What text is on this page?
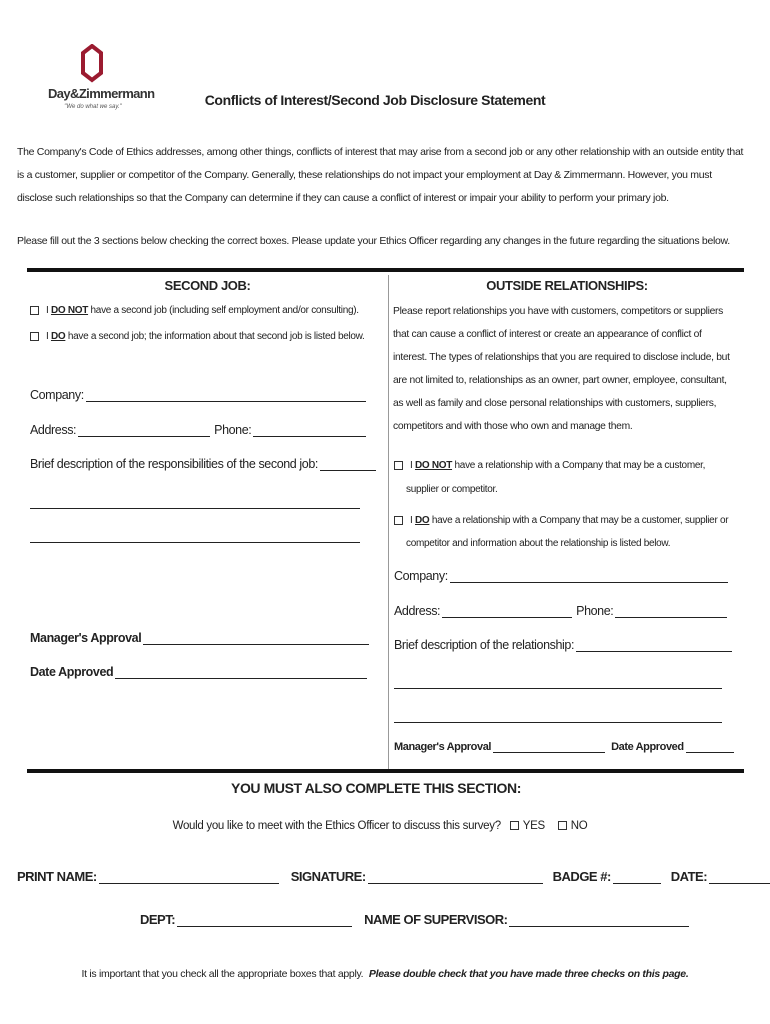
Day&Zimmermann
"We do what we say."	Conflicts of Interest/Second Job Disclosure Statement
The Company's Code of Ethics addresses, among other things, conflicts of interest that may arise from a second job or any other relationship with an outside entity that
is a customer, supplier or competitor of the Company. Generally, these relationships do not impact your employment at Day & Zimmermann. However, you must
disclose such relationships so that the Company can determine if they can cause a conflict of interest or impair your ability to perform your primary job.
Please fill out the 3 sections below checking the correct boxes. Please update your Ethics Officer regarding any changes in the future regarding the situations below.
SECOND JOB:
I DO NOT have a second job (including self employment and/or consulting).
I DO have a second job; the information about that second job is listed below.
Company:
Address:	Phone:
Brief description of the responsibilities of the second job:
Manager's Approval
Date Approved
OUTSIDE RELATIONSHIPS:
Please report relationships you have with customers, competitors or suppliers
that can cause a conflict of interest or create an appearance of conflict of
interest. The types of relationships that you are required to disclose include, but
are not limited to, relationships as an owner, part owner, employee, consultant,
as well as family and close personal relationships with customers, suppliers,
competitors and with those who own and manage them.
I DO NOT have a relationship with a Company that may be a customer,
supplier or competitor.
I DO have a relationship with a Company that may be a customer, supplier or
competitor and information about the relationship is listed below.
Company:
Address:	Phone:
Brief description of the relationship:
Manager's Approval	Date Approved
YOU MUST ALSO COMPLETE THIS SECTION:
Would you like to meet with the Ethics Officer to discuss this survey? YES NO
PRINT NAME:	SIGNATURE:	BADGE #:	DATE:
DEPT:	NAME OF SUPERVISOR:
It is important that you check all the appropriate boxes that apply. Please double check that you have made three checks on this page.
